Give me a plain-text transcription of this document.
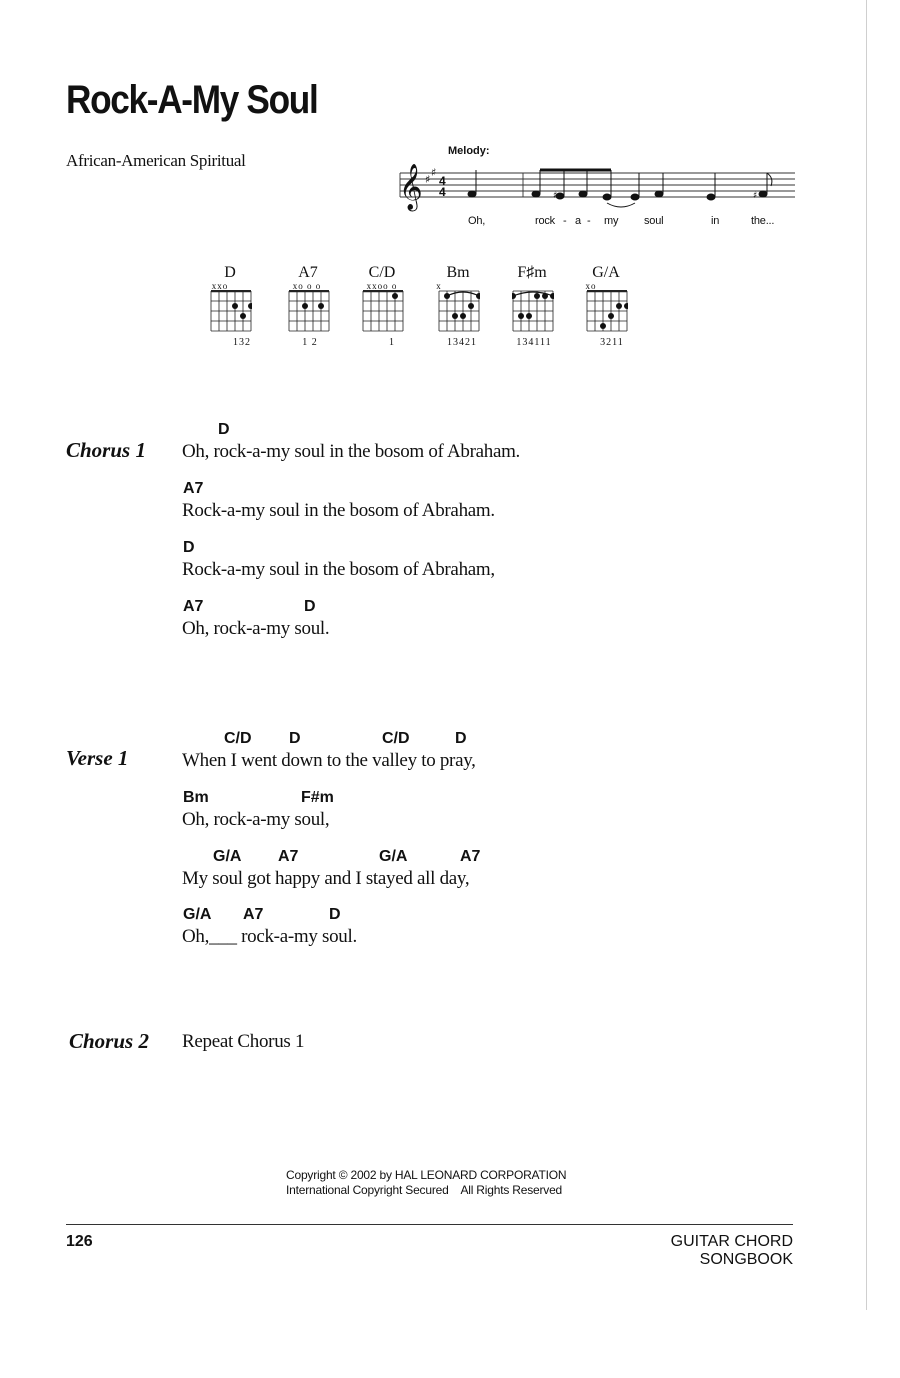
Rock-A-My Soul
African-American Spiritual	Melody:
𝄞 ♯
♯
4
4	♯	♯
Oh,	rock - a - my soul	in	the...
D
xxo
132
A7
xo o o
1 2
C/D
xxoo o
1
Bm
x
13421
F♯m
134111
G/A
xo
3211
Chorus 1
D
Oh, rock-a-my soul in the bosom of Abraham.
A7
Rock-a-my soul in the bosom of Abraham.
D
Rock-a-my soul in the bosom of Abraham,
A7	D
Oh, rock-a-my soul.
Verse 1
C/D D	C/D	D
When I went down to the valley to pray,
Bm	F#m
Oh, rock-a-my soul,
G/A A7	G/A	A7
My soul got happy and I stayed all day,
G/A A7	D
Oh,___ rock-a-my soul.
Chorus 2 Repeat Chorus 1
Copyright © 2002 by HAL LEONARD CORPORATION
International Copyright Secured    All Rights Reserved
126	GUITAR CHORD SONGBOOK
